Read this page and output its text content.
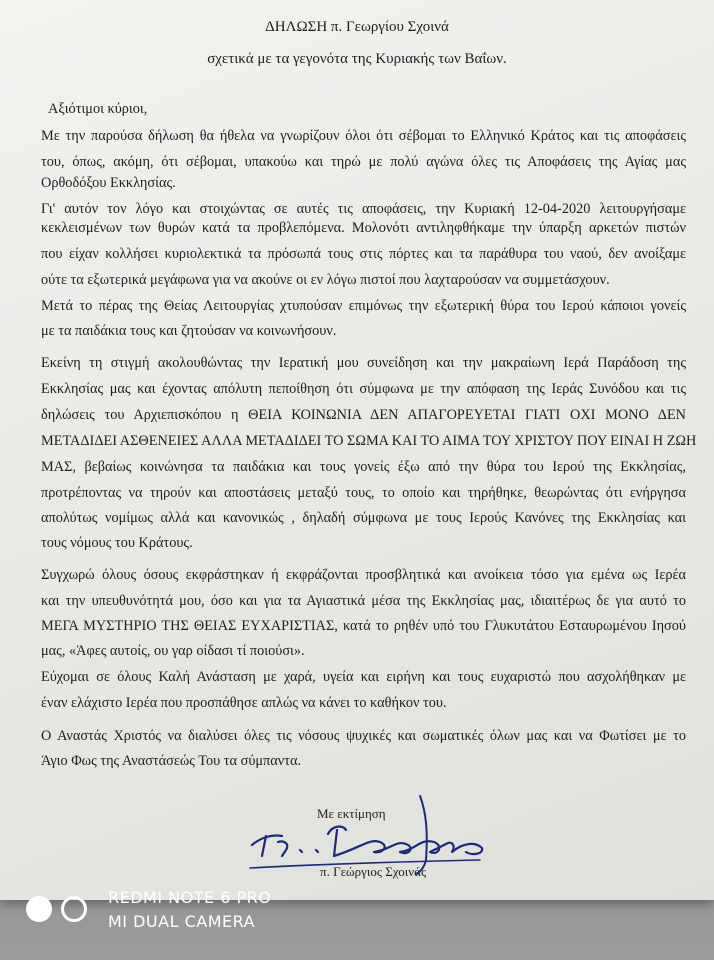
ΔΗΛΩΣΗ π. Γεωργίου Σχοινά
σχετικά με τα γεγονότα της Κυριακής των Βαΐων.
Αξιότιμοι κύριοι,
Με την παρούσα δήλωση θα ήθελα να γνωρίζουν όλοι ότι σέβομαι το Ελληνικό Κράτος και τις αποφάσεις
του, όπως, ακόμη, ότι σέβομαι, υπακούω και τηρώ με πολύ αγώνα όλες τις Αποφάσεις της Αγίας μας
Ορθοδόξου Εκκλησίας.
Γι' αυτόν τον λόγο και στοιχώντας σε αυτές τις αποφάσεις, την Κυριακή 12-04-2020 λειτουργήσαμε
κεκλεισμένων των θυρών κατά τα προβλεπόμενα. Μολονότι αντιληφθήκαμε την ύπαρξη αρκετών πιστών
που είχαν κολλήσει κυριολεκτικά τα πρόσωπά τους στις πόρτες και τα παράθυρα του ναού, δεν ανοίξαμε
ούτε τα εξωτερικά μεγάφωνα για να ακούνε οι εν λόγω πιστοί που λαχταρούσαν να συμμετάσχουν.
Μετά το πέρας της Θείας Λειτουργίας χτυπούσαν επιμόνως την εξωτερική θύρα του Ιερού κάποιοι γονείς
με τα παιδάκια τους και ζητούσαν να κοινωνήσουν.
Εκείνη τη στιγμή ακολουθώντας την Ιερατική μου συνείδηση και την μακραίωνη Ιερά Παράδοση της
Εκκλησίας μας και έχοντας απόλυτη πεποίθηση ότι σύμφωνα με την απόφαση της Ιεράς Συνόδου και τις
δηλώσεις του Αρχιεπισκόπου η ΘΕΙΑ ΚΟΙΝΩΝΙΑ ΔΕΝ ΑΠΑΓΟΡΕΥΕΤΑΙ ΓΙΑΤΙ ΟΧΙ ΜΟΝΟ ΔΕΝ
ΜΕΤΑΔΙΔΕΙ ΑΣΘΕΝΕΙΕΣ ΑΛΛΑ ΜΕΤΑΔΙΔΕΙ ΤΟ ΣΩΜΑ ΚΑΙ ΤΟ ΑΙΜΑ ΤΟΥ ΧΡΙΣΤΟΥ ΠΟΥ ΕΙΝΑΙ Η ΖΩΗ
ΜΑΣ, βεβαίως κοινώνησα τα παιδάκια και τους γονείς έξω από την θύρα του Ιερού της Εκκλησίας,
προτρέποντας να τηρούν και αποστάσεις μεταξύ τους, το οποίο και τηρήθηκε, θεωρώντας ότι ενήργησα
απολύτως νομίμως αλλά και κανονικώς , δηλαδή σύμφωνα με τους Ιερούς Κανόνες της Εκκλησίας και
τους νόμους του Κράτους.
Συγχωρώ όλους όσους εκφράστηκαν ή εκφράζονται προσβλητικά και ανοίκεια τόσο για εμένα ως Ιερέα
και την υπευθυνότητά μου, όσο και για τα Αγιαστικά μέσα της Εκκλησίας μας, ιδιαιτέρως δε για αυτό το
ΜΕΓΑ ΜΥΣΤΗΡΙΟ ΤΗΣ ΘΕΙΑΣ ΕΥΧΑΡΙΣΤΙΑΣ, κατά το ρηθέν υπό του Γλυκυτάτου Εσταυρωμένου Ιησού
μας, «Άφες αυτοίς, ου γαρ οίδασι τί ποιούσι».
Εύχομαι σε όλους Καλή Ανάσταση με χαρά, υγεία και ειρήνη και τους ευχαριστώ που ασχολήθηκαν με
έναν ελάχιστο Ιερέα που προσπάθησε απλώς να κάνει το καθήκον του.
Ο Αναστάς Χριστός να διαλύσει όλες τις νόσους ψυχικές και σωματικές όλων μας και να Φωτίσει με το
Άγιο Φως της Αναστάσεώς Του τα σύμπαντα.
Με εκτίμηση
π. Γεώργιος Σχοινάς
REDMI NOTE 6 PRO
MI DUAL CAMERA
